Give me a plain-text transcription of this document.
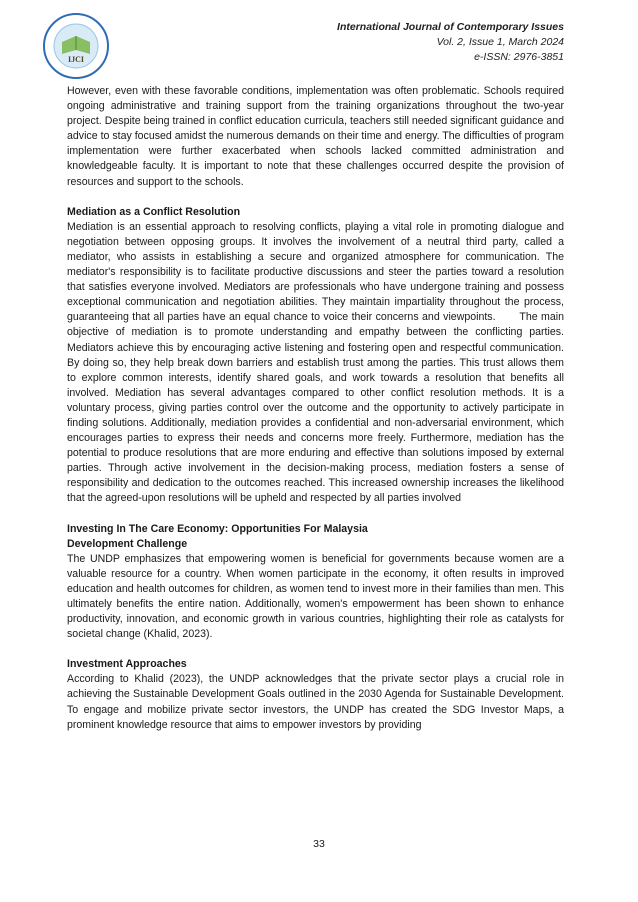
IJCI
International Journal of Contemporary Issues
Vol. 2, Issue 1, March 2024
e-ISSN: 2976-3851

However, even with these favorable conditions, implementation was often problematic. Schools required ongoing administrative and training support from the training organizations throughout the two-year project. Despite being trained in conflict education curricula, teachers still needed significant guidance and advice to stay focused amidst the numerous demands on their time and energy. The difficulties of program implementation were further exacerbated when schools lacked committed administration and knowledgeable faculty. It is important to note that these challenges occurred despite the provision of resources and support to the schools.

Mediation as a Conflict Resolution

Mediation is an essential approach to resolving conflicts, playing a vital role in promoting dialogue and negotiation between opposing groups. It involves the involvement of a neutral third party, called a mediator, who assists in establishing a secure and organized atmosphere for communication. The mediator's responsibility is to facilitate productive discussions and steer the parties toward a resolution that satisfies everyone involved. Mediators are professionals who have undergone training and possess exceptional communication and negotiation abilities. They maintain impartiality throughout the process, guaranteeing that all parties have an equal chance to voice their concerns and viewpoints.       The main objective of mediation is to promote understanding and empathy between the conflicting parties. Mediators achieve this by encouraging active listening and fostering open and respectful communication. By doing so, they help break down barriers and establish trust among the parties. This trust allows them to explore common interests, identify shared goals, and work towards a resolution that benefits all involved. Mediation has several advantages compared to other conflict resolution methods. It is a voluntary process, giving parties control over the outcome and the opportunity to actively participate in finding solutions. Additionally, mediation provides a confidential and non-adversarial environment, which encourages parties to express their needs and concerns more freely. Furthermore, mediation has the potential to produce resolutions that are more enduring and effective than solutions imposed by external parties. Through active involvement in the decision-making process, mediation fosters a sense of responsibility and dedication to the outcomes reached. This increased ownership increases the likelihood that the agreed-upon resolutions will be upheld and respected by all parties involved

Investing In The Care Economy: Opportunities For Malaysia
Development Challenge

The UNDP emphasizes that empowering women is beneficial for governments because women are a valuable resource for a country. When women participate in the economy, it often results in improved education and health outcomes for children, as women tend to invest more in their families than men. This ultimately benefits the entire nation. Additionally, women's empowerment has been shown to enhance productivity, innovation, and economic growth in various countries, highlighting their role as catalysts for societal change (Khalid, 2023).

Investment Approaches

According to Khalid (2023), the UNDP acknowledges that the private sector plays a crucial role in achieving the Sustainable Development Goals outlined in the 2030 Agenda for Sustainable Development. To engage and mobilize private sector investors, the UNDP has created the SDG Investor Maps, a prominent knowledge resource that aims to empower investors by providing

33
